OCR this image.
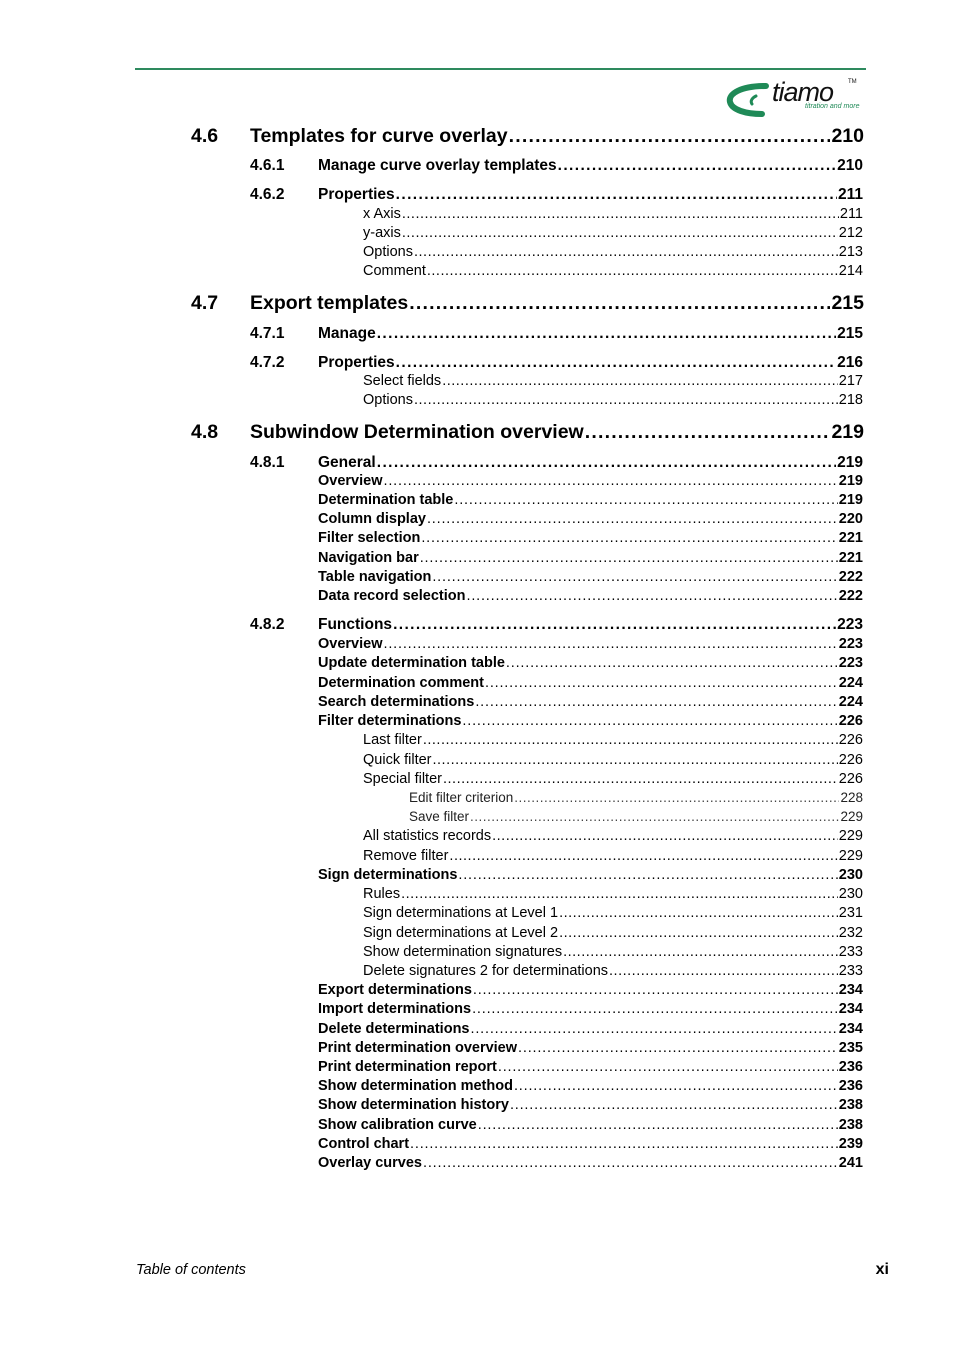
tiamo TM
titration and more
4.6 Templates for curve overlay .....	210
4.6.1 Manage curve overlay templates .....	210
4.6.2 Properties .....	211
x Axis .....	211
y-axis .....	212
Options .....	213
Comment .....	214
4.7 Export templates .....	215
4.7.1 Manage .....	215
4.7.2 Properties .....	216
Select fields .....	217
Options .....	218
4.8 Subwindow Determination overview .....	219
4.8.1 General .....	219
Overview .....	219
Determination table .....	219
Column display .....	220
Filter selection .....	221
Navigation bar .....	221
Table navigation .....	222
Data record selection .....	222
4.8.2 Functions .....	223
Overview .....	223
Update determination table .....	223
Determination comment .....	224
Search determinations .....	224
Filter determinations .....	226
Last filter .....	226
Quick filter .....	226
Special filter .....	226
Edit filter criterion .....	228
Save filter .....	229
All statistics records .....	229
Remove filter .....	229
Sign determinations .....	230
Rules .....	230
Sign determinations at Level 1 .....	231
Sign determinations at Level 2 .....	232
Show determination signatures .....	233
Delete signatures 2 for determinations .....	233
Export determinations .....	234
Import determinations .....	234
Delete determinations .....	234
Print determination overview .....	235
Print determination report .....	236
Show determination method .....	236
Show determination history .....	238
Show calibration curve .....	238
Control chart .....	239
Overlay curves .....	241
Table of contents	xi
